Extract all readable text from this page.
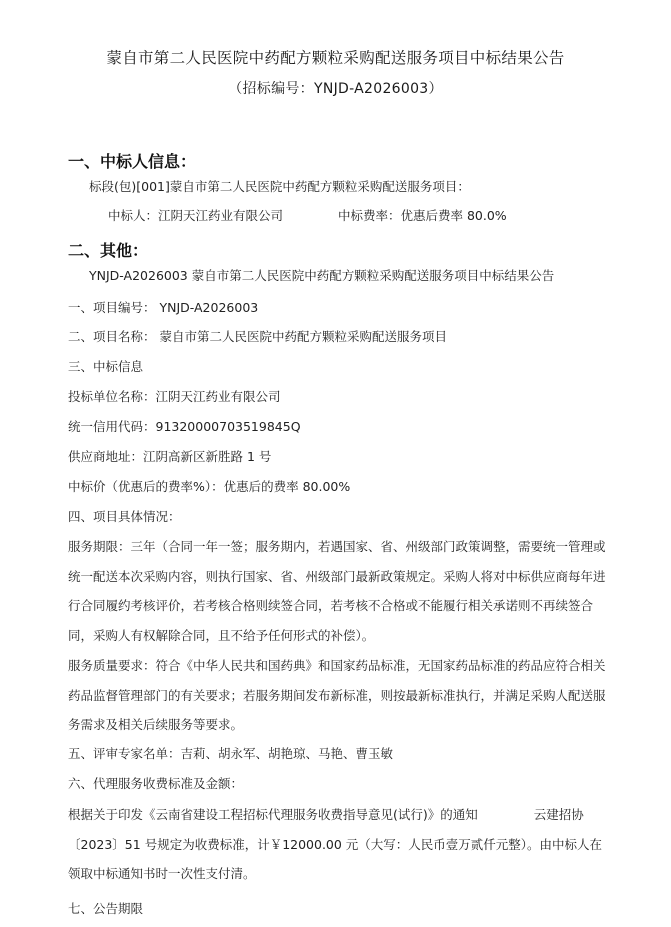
蒙自市第二人民医院中药配方颗粒采购配送服务项目中标结果公告
（招标编号：YNJD-A2026003）
一、中标人信息：
标段(包)[001]蒙自市第二人民医院中药配方颗粒采购配送服务项目：
中标人：江阴天江药业有限公司	中标费率：优惠后费率 80.0%
二、其他：
YNJD-A2026003 蒙自市第二人民医院中药配方颗粒采购配送服务项目中标结果公告
一、项目编号： YNJD-A2026003
二、项目名称： 蒙自市第二人民医院中药配方颗粒采购配送服务项目
三、中标信息
投标单位名称：江阴天江药业有限公司
统一信用代码：91320000703519845Q
供应商地址：江阴高新区新胜路 1 号
中标价（优惠后的费率%）：优惠后的费率 80.00%
四、项目具体情况：
服务期限：三年（合同一年一签；服务期内，若遇国家、省、州级部门政策调整，需要统一管理或统一配送本次采购内容，则执行国家、省、州级部门最新政策规定。采购人将对中标供应商每年进行合同履约考核评价，若考核合格则续签合同，若考核不合格或不能履行相关承诺则不再续签合同，采购人有权解除合同，且不给予任何形式的补偿）。
服务质量要求：符合《中华人民共和国药典》和国家药品标准，无国家药品标准的药品应符合相关药品监督管理部门的有关要求；若服务期间发布新标准，则按最新标准执行，并满足采购人配送服务需求及相关后续服务等要求。
五、评审专家名单：吉莉、胡永军、胡艳琼、马艳、曹玉敏
六、代理服务收费标准及金额：
根据关于印发《云南省建设工程招标代理服务收费指导意见(试行)》的通知	云建招协〔2023〕51 号规定为收费标准，计￥12000.00 元（大写：人民币壹万贰仟元整）。由中标人在领取中标通知书时一次性支付清。
七、公告期限
